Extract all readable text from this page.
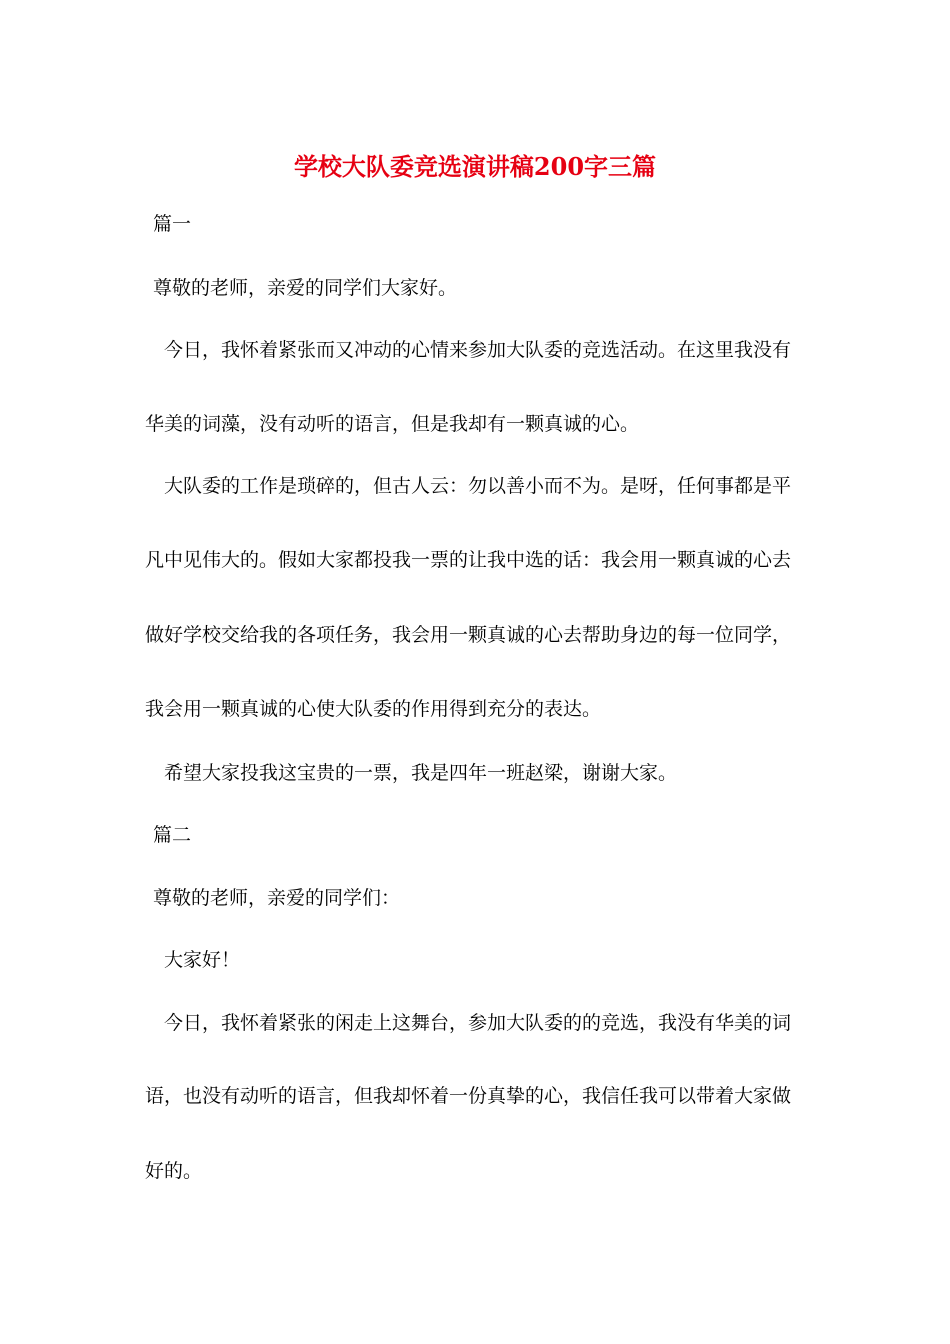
学校大队委竞选演讲稿200字三篇

篇一

尊敬的老师，亲爱的同学们大家好。

今日，我怀着紧张而又冲动的心情来参加大队委的竞选活动。在这里我没有

华美的词藻，没有动听的语言，但是我却有一颗真诚的心。

大队委的工作是琐碎的，但古人云：勿以善小而不为。是呀，任何事都是平

凡中见伟大的。假如大家都投我一票的让我中选的话：我会用一颗真诚的心去

做好学校交给我的各项任务，我会用一颗真诚的心去帮助身边的每一位同学，

我会用一颗真诚的心使大队委的作用得到充分的表达。

希望大家投我这宝贵的一票，我是四年一班赵梁，谢谢大家。

篇二

尊敬的老师，亲爱的同学们：

大家好！

今日，我怀着紧张的闲走上这舞台，参加大队委的的竞选，我没有华美的词

语，也没有动听的语言，但我却怀着一份真挚的心，我信任我可以带着大家做

好的。
